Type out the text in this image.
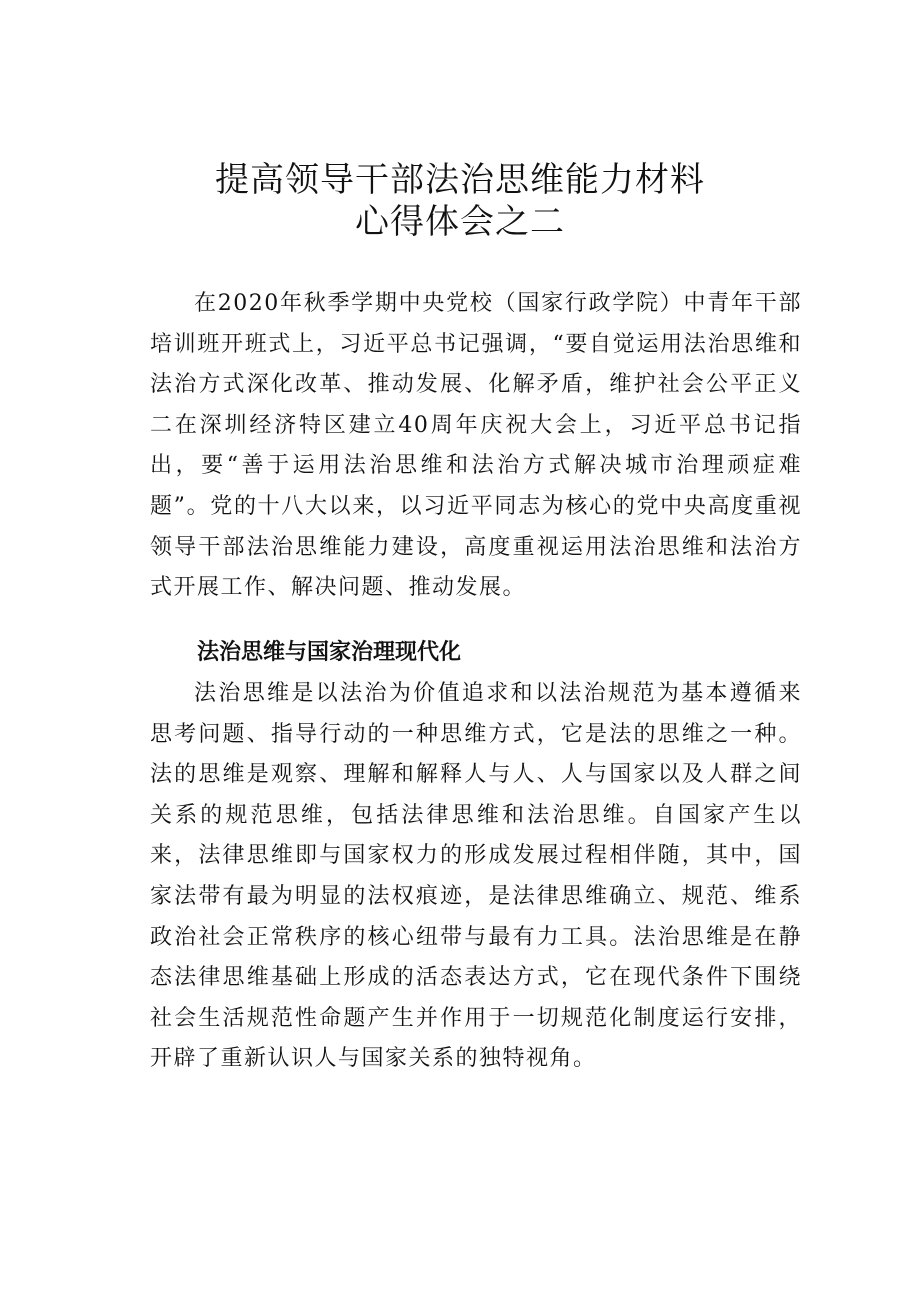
提高领导干部法治思维能力材料
心得体会之二

在2020年秋季学期中央党校（国家行政学院）中青年干部培训班开班式上，习近平总书记强调，“要自觉运用法治思维和法治方式深化改革、推动发展、化解矛盾，维护社会公平正义二在深圳经济特区建立40周年庆祝大会上，习近平总书记指出，要“善于运用法治思维和法治方式解决城市治理顽症难题”。党的十八大以来，以习近平同志为核心的党中央高度重视领导干部法治思维能力建设，高度重视运用法治思维和法治方式开展工作、解决问题、推动发展。

法治思维与国家治理现代化

法治思维是以法治为价值追求和以法治规范为基本遵循来思考问题、指导行动的一种思维方式，它是法的思维之一种。法的思维是观察、理解和解释人与人、人与国家以及人群之间关系的规范思维，包括法律思维和法治思维。自国家产生以来，法律思维即与国家权力的形成发展过程相伴随，其中，国家法带有最为明显的法权痕迹，是法律思维确立、规范、维系政治社会正常秩序的核心纽带与最有力工具。法治思维是在静态法律思维基础上形成的活态表达方式，它在现代条件下围绕社会生活规范性命题产生并作用于一切规范化制度运行安排，开辟了重新认识人与国家关系的独特视角。
